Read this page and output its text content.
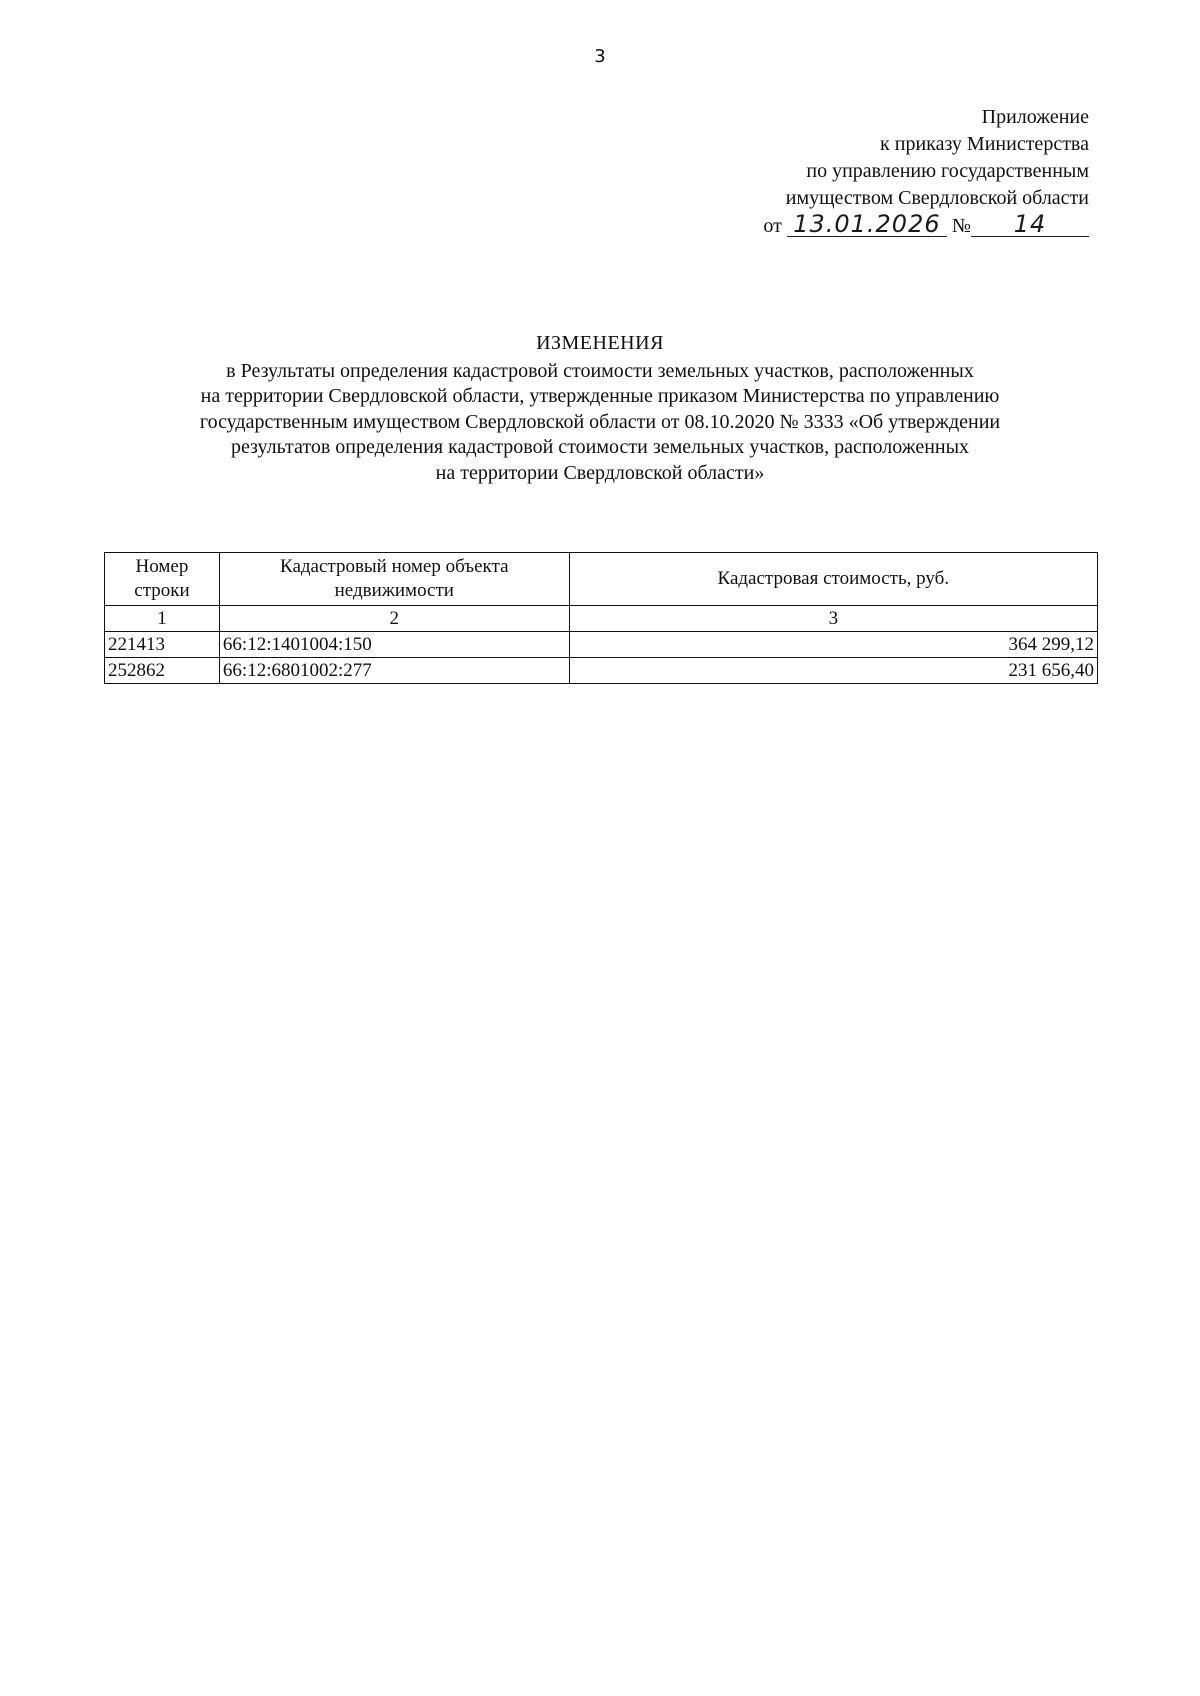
3
Приложение
к приказу Министерства
по управлению государственным
имуществом Свердловской области
от 13.01.2026 № 14
ИЗМЕНЕНИЯ
в Результаты определения кадастровой стоимости земельных участков, расположенных
на территории Свердловской области, утвержденные приказом Министерства по управлению
государственным имуществом Свердловской области от 08.10.2020 № 3333 «Об утверждении
результатов определения кадастровой стоимости земельных участков, расположенных
на территории Свердловской области»
Номер строки	Кадастровый номер объекта недвижимости	Кадастровая стоимость, руб.
1	2	3
221413	66:12:1401004:150	364 299,12
252862	66:12:6801002:277	231 656,40
